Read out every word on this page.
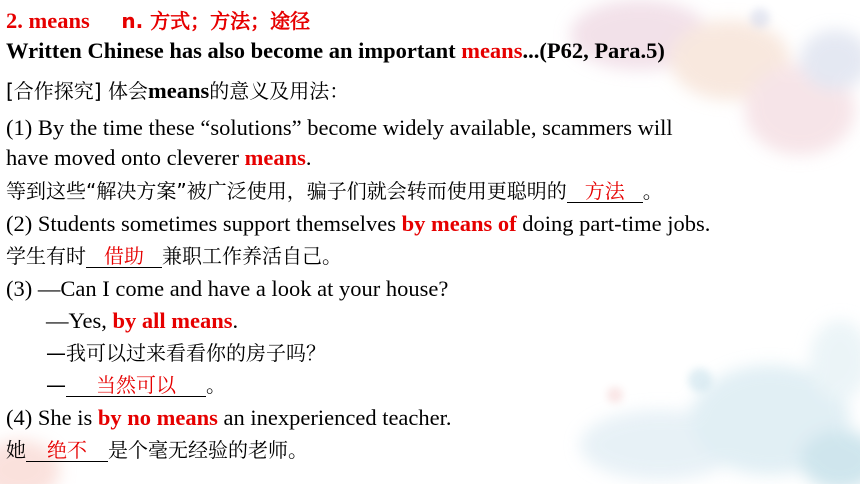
2. means n. 方式；方法；途径
Written Chinese has also become an important means...(P62, Para.5)
[合作探究] 体会means的意义及用法：
(1) By the time these “solutions” become widely available, scammers will
have moved onto cleverer means.
等到这些“解决方案”被广泛使用，骗子们就会转而使用更聪明的 方法 。
(2) Students sometimes support themselves by means of doing part-time jobs.
学生有时 借助 兼职工作养活自己。
(3) —Can I come and have a look at your house?
—Yes, by all means.
—我可以过来看看你的房子吗？
— 当然可以 。
(4) She is by no means an inexperienced teacher.
她 绝不 是个毫无经验的老师。
